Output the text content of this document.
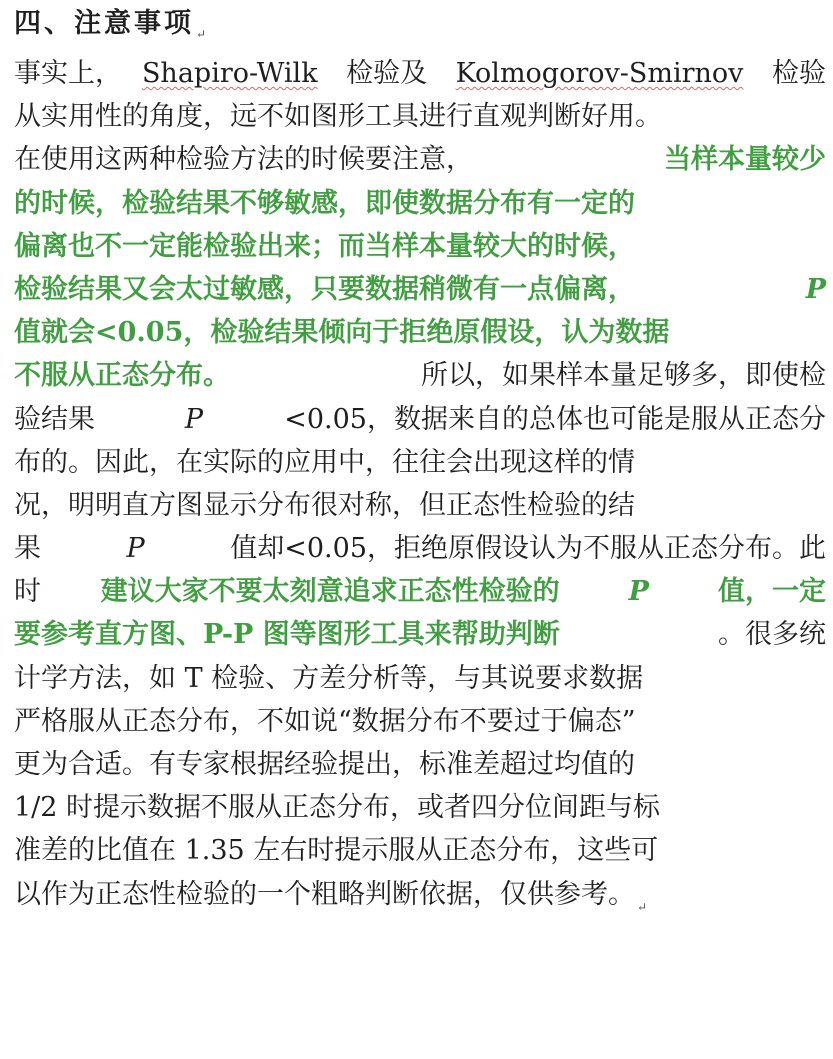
四、注意事项 $_↵$
事实上， Shapiro-Wilk 检验及 Kolmogorov-Smirnov 检验
从实用性的角度，远不如图形工具进行直观判断好用。
在使用这两种检验方法的时候要注意，	当样本量较少
的时候，检验结果不够敏感，即使数据分布有一定的
偏离也不一定能检验出来；而当样本量较大的时候，
检验结果又会太过敏感，只要数据稍微有一点偏离，	P
值就会<0.05，检验结果倾向于拒绝原假设，认为数据
不服从正态分布。	所以，如果样本量足够多，即使检
验结果	P	<0.05，数据来自的总体也可能是服从正态分
布的。因此，在实际的应用中，往往会出现这样的情
况，明明直方图显示分布很对称，但正态性检验的结
果	P	值却<0.05，拒绝原假设认为不服从正态分布。此
时 建议大家不要太刻意追求正态性检验的 P 值，一定
要参考直方图、P-P 图等图形工具来帮助判断	。很多统
计学方法，如 T 检验、方差分析等，与其说要求数据
严格服从正态分布，不如说“数据分布不要过于偏态”
更为合适。有专家根据经验提出，标准差超过均值的
1/2 时提示数据不服从正态分布，或者四分位间距与标
准差的比值在 1.35 左右时提示服从正态分布，这些可
以作为正态性检验的一个粗略判断依据，仅供参考。 ↵
